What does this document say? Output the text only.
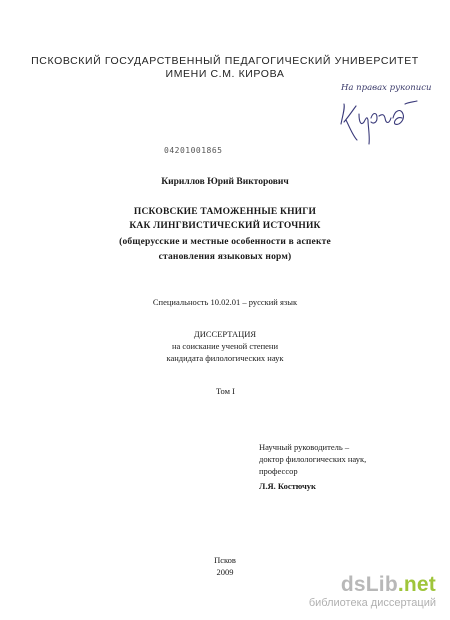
ПСКОВСКИЙ ГОСУДАРСТВЕННЫЙ ПЕДАГОГИЧЕСКИЙ УНИВЕРСИТЕТ
ИМЕНИ С.М. КИРОВА
На правах рукописи
04201001865
Кириллов Юрий Викторович
ПСКОВСКИЕ ТАМОЖЕННЫЕ КНИГИ
КАК ЛИНГВИСТИЧЕСКИЙ ИСТОЧНИК
(общерусские и местные особенности в аспекте
становления языковых норм)
Специальность 10.02.01 – русский язык
ДИССЕРТАЦИЯ
на соискание ученой степени
кандидата филологических наук
Том I
Научный руководитель –
доктор филологических наук,
профессор
Л.Я. Костючук
Псков
2009
dsLib.net
библиотека диссертаций
